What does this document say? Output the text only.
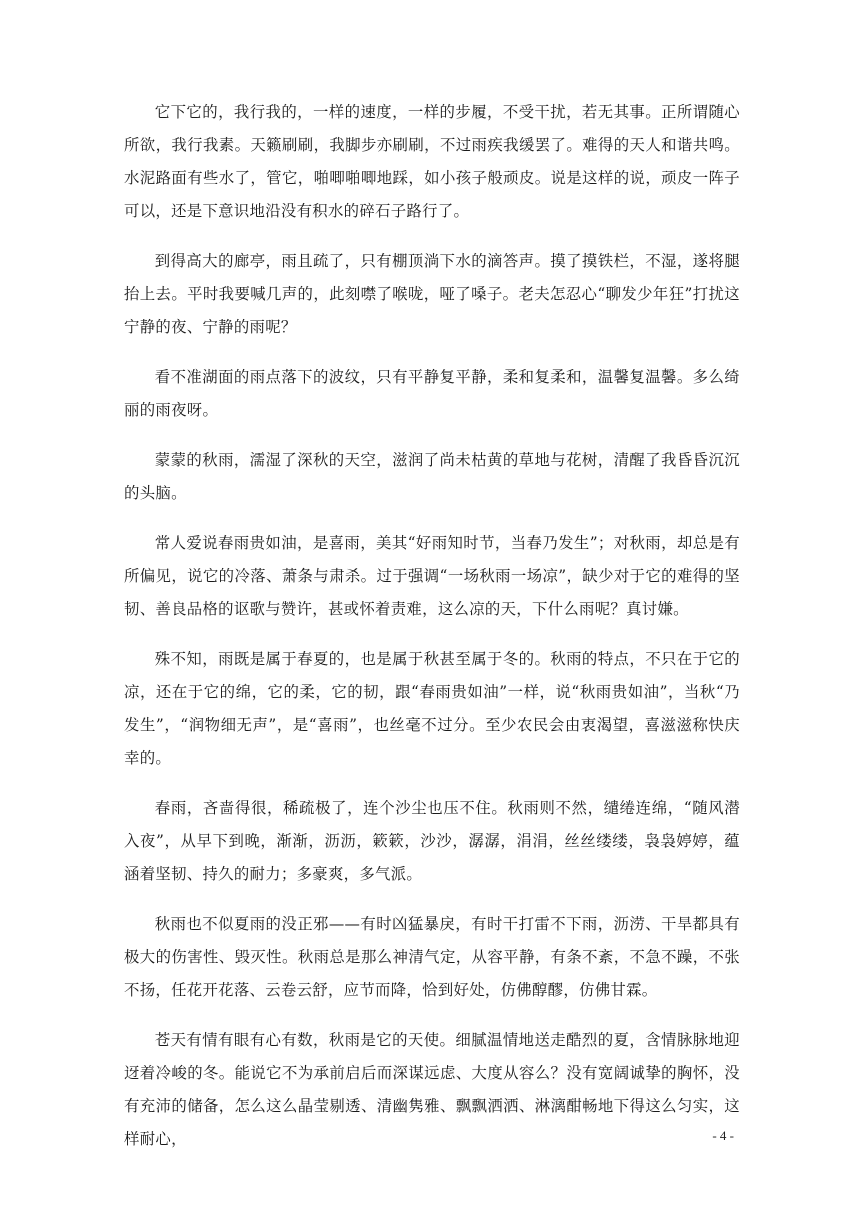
它下它的，我行我的，一样的速度，一样的步履，不受干扰，若无其事。正所谓随心所欲，我行我素。天籁刷刷，我脚步亦刷刷，不过雨疾我缓罢了。难得的天人和谐共鸣。水泥路面有些水了，管它，啪唧啪唧地踩，如小孩子般顽皮。说是这样的说，顽皮一阵子可以，还是下意识地沿没有积水的碎石子路行了。

到得高大的廊亭，雨且疏了，只有棚顶淌下水的滴答声。摸了摸铁栏，不湿，遂将腿抬上去。平时我要喊几声的，此刻噤了喉咙，哑了嗓子。老夫怎忍心“聊发少年狂”打扰这宁静的夜、宁静的雨呢？

看不准湖面的雨点落下的波纹，只有平静复平静，柔和复柔和，温馨复温馨。多么绮丽的雨夜呀。

蒙蒙的秋雨，濡湿了深秋的天空，滋润了尚未枯黄的草地与花树，清醒了我昏昏沉沉的头脑。

常人爱说春雨贵如油，是喜雨，美其“好雨知时节，当春乃发生”；对秋雨，却总是有所偏见，说它的冷落、萧条与肃杀。过于强调“一场秋雨一场凉”，缺少对于它的难得的坚韧、善良品格的讴歌与赞许，甚或怀着责难，这么凉的天，下什么雨呢？真讨嫌。

殊不知，雨既是属于春夏的，也是属于秋甚至属于冬的。秋雨的特点，不只在于它的凉，还在于它的绵，它的柔，它的韧，跟“春雨贵如油”一样，说“秋雨贵如油”，当秋“乃发生”，“润物细无声”，是“喜雨”，也丝毫不过分。至少农民会由衷渴望，喜滋滋称快庆幸的。

春雨，吝啬得很，稀疏极了，连个沙尘也压不住。秋雨则不然，缱绻连绵，“随风潜入夜”，从早下到晚，渐渐，沥沥，簌簌，沙沙，潺潺，涓涓，丝丝缕缕，袅袅婷婷，蕴涵着坚韧、持久的耐力；多豪爽，多气派。

秋雨也不似夏雨的没正邪——有时凶猛暴戾，有时干打雷不下雨，沥涝、干旱都具有极大的伤害性、毁灭性。秋雨总是那么神清气定，从容平静，有条不紊，不急不躁，不张不扬，任花开花落、云卷云舒，应节而降，恰到好处，仿佛醇醪，仿佛甘霖。

苍天有情有眼有心有数，秋雨是它的天使。细腻温情地送走酷烈的夏，含情脉脉地迎迓着冷峻的冬。能说它不为承前启后而深谋远虑、大度从容么？没有宽阔诚挚的胸怀，没有充沛的储备，怎么这么晶莹剔透、清幽隽雅、飘飘洒洒、淋漓酣畅地下得这么匀实，这样耐心，	- 4 -
